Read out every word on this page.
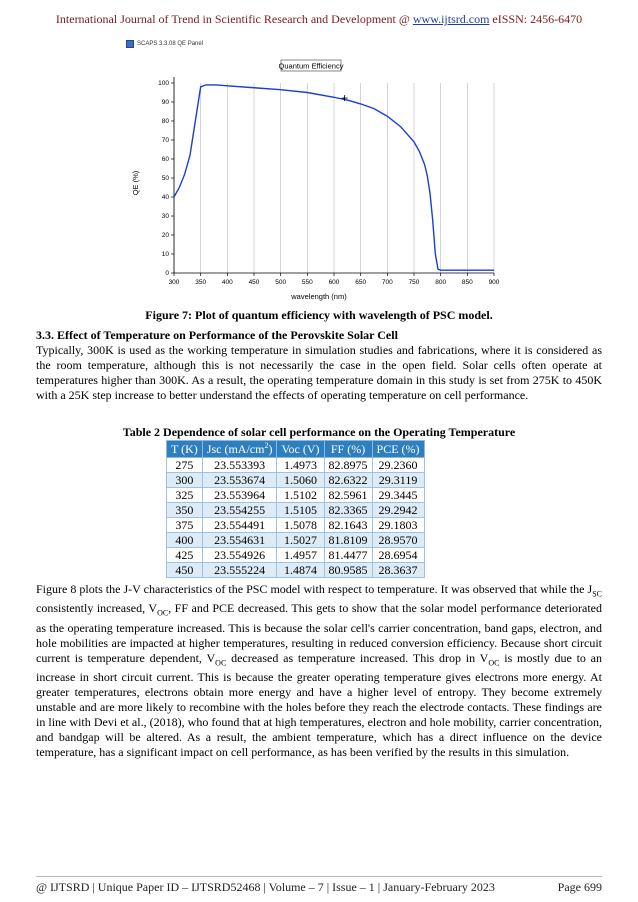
International Journal of Trend in Scientific Research and Development @ www.ijtsrd.com eISSN: 2456-6470
SCAPS 3.3.08 QE Panel
Quantum Efficiency
300 350 400 450 500 550 600 650 700 750 800 850 900
0
10
20
30
40
50
60
70
80
90
100
+
wavelength (nm)
QE (%)
Figure 7: Plot of quantum efficiency with wavelength of PSC model.
3.3. Effect of Temperature on Performance of the Perovskite Solar Cell

Typically, 300K is used as the working temperature in simulation studies and fabrications, where it is considered as the room temperature, although this is not necessarily the case in the open field. Solar cells often operate at temperatures higher than 300K. As a result, the operating temperature domain in this study is set from 275K to 450K with a 25K step increase to better understand the effects of operating temperature on cell performance.

Table 2 Dependence of solar cell performance on the Operating Temperature
T (K)	Jsc $(mA/cm^2)$	Voc (V)	FF (%)	PCE (%)
275	23.553393	1.4973	82.8975	29.2360
300	23.553674	1.5060	82.6322	29.3119
325	23.553964	1.5102	82.5961	29.3445
350	23.554255	1.5105	82.3365	29.2942
375	23.554491	1.5078	82.1643	29.1803
400	23.554631	1.5027	81.8109	28.9570
425	23.554926	1.4957	81.4477	28.6954
450	23.555224	1.4874	80.9585	28.3637

Figure 8 plots the J-V characteristics of the PSC model with respect to temperature. It was observed that while the $J_{SC}$ consistently increased, $V_{OC}$, FF and PCE decreased. This gets to show that the solar model performance deteriorated as the operating temperature increased. This is because the solar cell's carrier concentration, band gaps, electron, and hole mobilities are impacted at higher temperatures, resulting in reduced conversion efficiency. Because short circuit current is temperature dependent, $V_{OC}$ decreased as temperature increased. This drop in $V_{OC}$ is mostly due to an increase in short circuit current. This is because the greater operating temperature gives electrons more energy. At greater temperatures, electrons obtain more energy and have a higher level of entropy. They become extremely unstable and are more likely to recombine with the holes before they reach the electrode contacts. These findings are in line with Devi et al., (2018), who found that at high temperatures, electron and hole mobility, carrier concentration, and bandgap will be altered. As a result, the ambient temperature, which has a direct influence on the device temperature, has a significant impact on cell performance, as has been verified by the results in this simulation.

@ IJTSRD | Unique Paper ID – IJTSRD52468 | Volume – 7 | Issue – 1 | January-February 2023	Page 699
